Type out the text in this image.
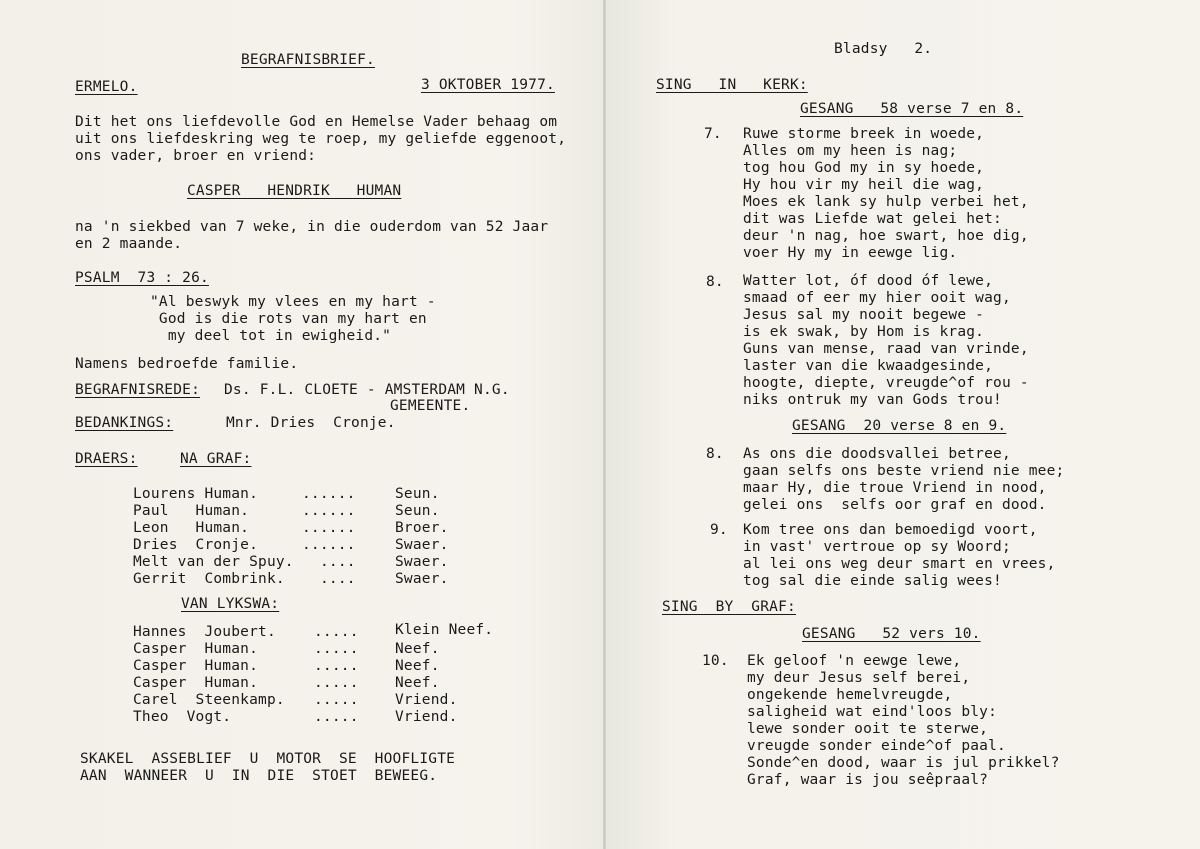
BEGRAFNISBRIEF.
ERMELO.	3 OKTOBER 1977.
Dit het ons liefdevolle God en Hemelse Vader behaag om
uit ons liefdeskring weg te roep, my geliefde eggenoot,
ons vader, broer en vriend:
CASPER   HENDRIK   HUMAN
na 'n siekbed van 7 weke, in die ouderdom van 52 Jaar
en 2 maande.
PSALM  73 : 26.
"Al beswyk my vlees en my hart -
God is die rots van my hart en
my deel tot in ewigheid."
Namens bedroefde familie.
BEGRAFNISREDE: Ds. F.L. CLOETE - AMSTERDAM N.G.
GEMEENTE.
BEDANKINGS:	Mnr. Dries  Cronje.
DRAERS:	NA GRAF:
Lourens Human.	......	Seun.
Paul   Human.	......	Seun.
Leon   Human.	......	Broer.
Dries  Cronje.	......	Swaer.
Melt van der Spuy. ....	Swaer.
Gerrit  Combrink. ....	Swaer.
VAN LYKSWA:
Hannes  Joubert.	.....	Klein Neef.
Casper  Human.	.....	Neef.
Casper  Human.	.....	Neef.
Casper  Human.	.....	Neef.
Carel  Steenkamp. .....	Vriend.
Theo  Vogt.	.....	Vriend.
SKAKEL  ASSEBLIEF  U  MOTOR  SE  HOOFLIGTE
AAN  WANNEER  U  IN  DIE  STOET  BEWEEG.
Bladsy   2.
SING   IN   KERK:
GESANG   58 verse 7 en 8.
7. Ruwe storme breek in woede,
Alles om my heen is nag;
tog hou God my in sy hoede,
Hy hou vir my heil die wag,
Moes ek lank sy hulp verbei het,
dit was Liefde wat gelei het:
deur 'n nag, hoe swart, hoe dig,
voer Hy my in eewge lig.
8. Watter lot, óf dood óf lewe,
smaad of eer my hier ooit wag,
Jesus sal my nooit begewe -
is ek swak, by Hom is krag.
Guns van mense, raad van vrinde,
laster van die kwaadgesinde,
hoogte, diepte, vreugde^of rou -
niks ontruk my van Gods trou!
GESANG  20 verse 8 en 9.
8. As ons die doodsvallei betree,
gaan selfs ons beste vriend nie mee;
maar Hy, die troue Vriend in nood,
gelei ons  selfs oor graf en dood.
9. Kom tree ons dan bemoedigd voort,
in vast' vertroue op sy Woord;
al lei ons weg deur smart en vrees,
tog sal die einde salig wees!
SING  BY  GRAF:
GESANG   52 vers 10.
10. Ek geloof 'n eewge lewe,
my deur Jesus self berei,
ongekende hemelvreugde,
saligheid wat eind'loos bly:
lewe sonder ooit te sterwe,
vreugde sonder einde^of paal.
Sonde^en dood, waar is jul prikkel?
Graf, waar is jou seêpraal?
